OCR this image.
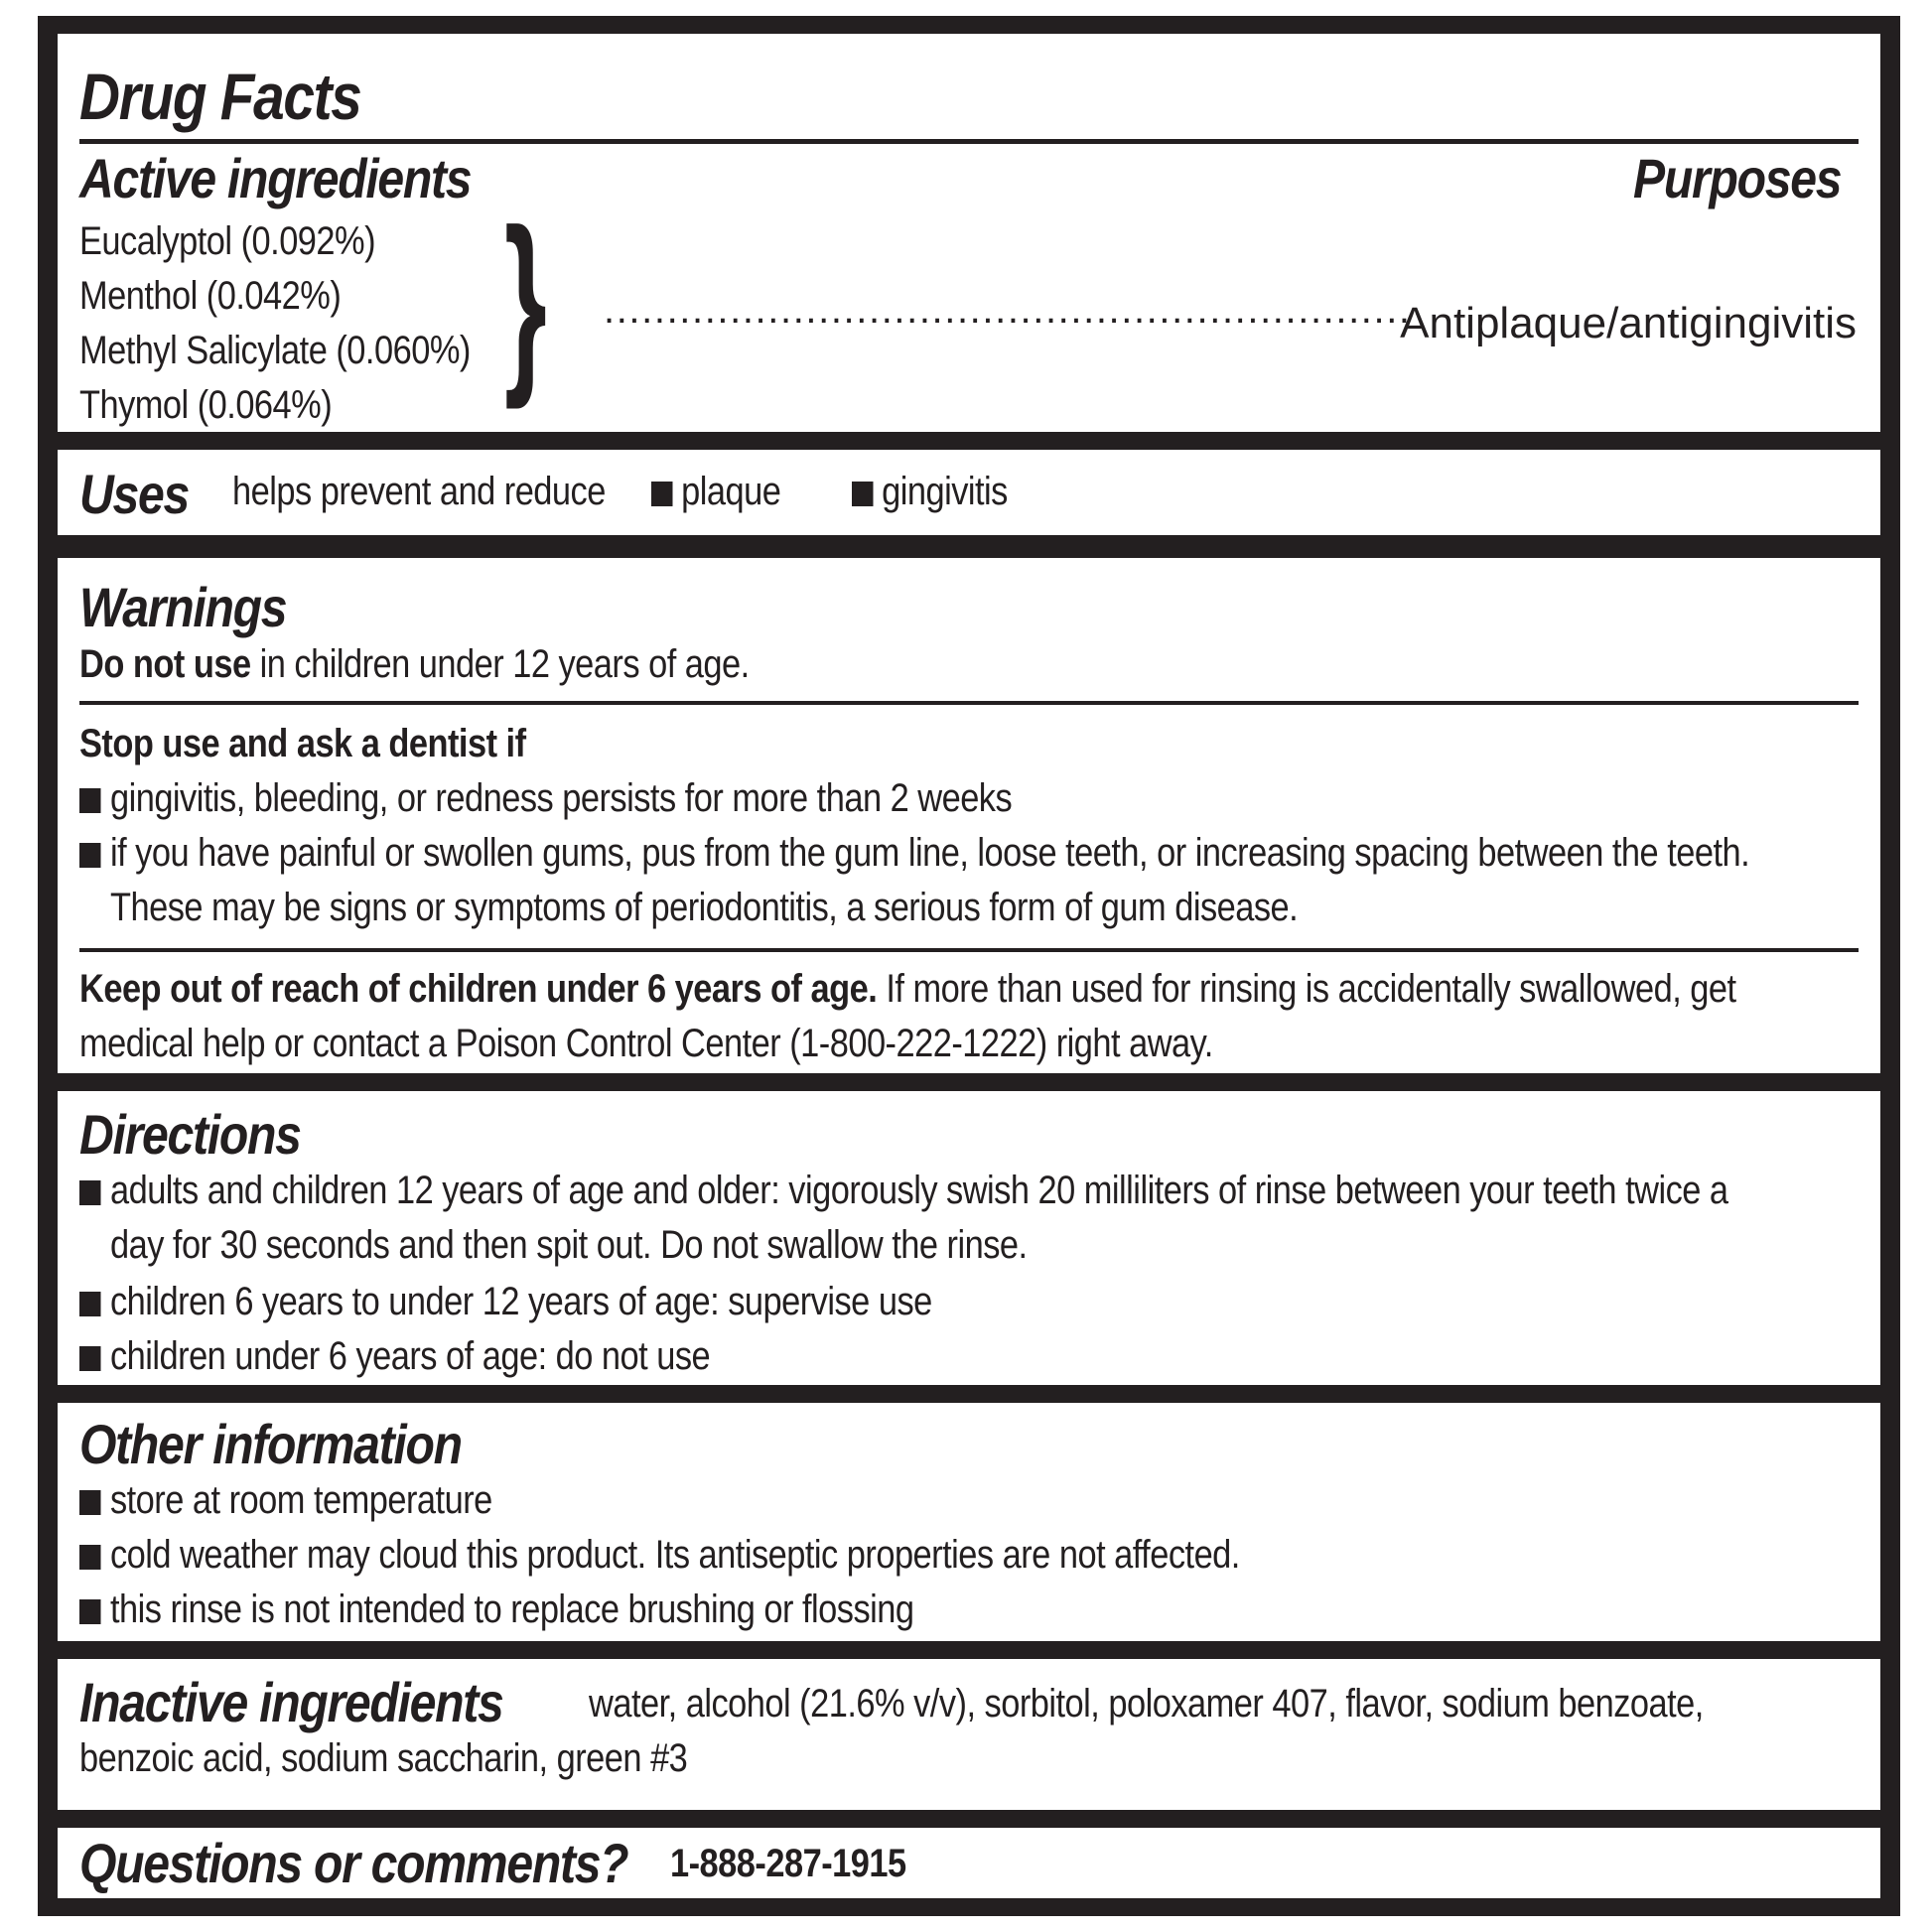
Drug Facts
Active ingredients	Purposes
Eucalyptol (0.092%)
Menthol (0.042%)
Methyl Salicylate (0.060%)
Thymol (0.064%) } ................................................................
Antiplaque/antigingivitis
Uses helps prevent and reduce	plaque	gingivitis
Warnings
Do not use in children under 12 years of age.
Stop use and ask a dentist if
gingivitis, bleeding, or redness persists for more than 2 weeks
if you have painful or swollen gums, pus from the gum line, loose teeth, or increasing spacing between the teeth.
These may be signs or symptoms of periodontitis, a serious form of gum disease.
Keep out of reach of children under 6 years of age. If more than used for rinsing is accidentally swallowed, get
medical help or contact a Poison Control Center (1-800-222-1222) right away.
Directions
adults and children 12 years of age and older: vigorously swish 20 milliliters of rinse between your teeth twice a
day for 30 seconds and then spit out. Do not swallow the rinse.
children 6 years to under 12 years of age: supervise use
children under 6 years of age: do not use
Other information
store at room temperature
cold weather may cloud this product. Its antiseptic properties are not affected.
this rinse is not intended to replace brushing or flossing
Inactive ingredients water, alcohol (21.6% v/v), sorbitol, poloxamer 407, flavor, sodium benzoate,
benzoic acid, sodium saccharin, green #3
Questions or comments? 1-888-287-1915
